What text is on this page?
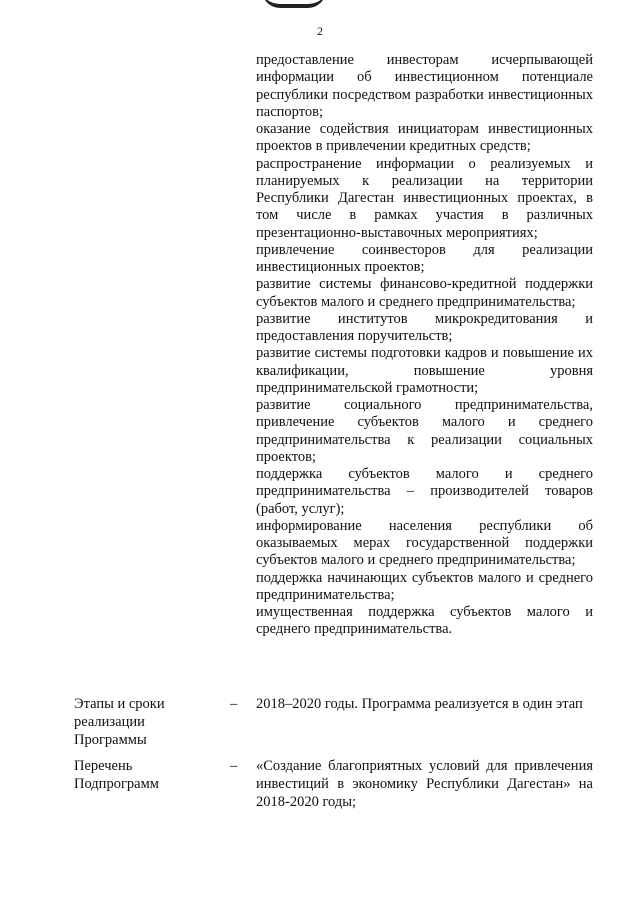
2

предоставление инвесторам исчерпывающей информации об инвестиционном потенциале республики посредством разработки инвестиционных паспортов;

оказание содействия инициаторам инвестиционных проектов в привлечении кредитных средств;

распространение информации о реализуемых и планируемых к реализации на территории Республики Дагестан инвестиционных проектах, в том числе в рамках участия в различных презентационно-выставочных мероприятиях;

привлечение соинвесторов для реализации инвестиционных проектов;

развитие системы финансово-кредитной поддержки субъектов малого и среднего предпринимательства;

развитие институтов микрокредитования и предоставления поручительств;

развитие системы подготовки кадров и повышение их квалификации, повышение уровня предпринимательской грамотности;

развитие социального предпринимательства, привлечение субъектов малого и среднего предпринимательства к реализации социальных проектов;

поддержка субъектов малого и среднего предпринимательства – производителей товаров (работ, услуг);

информирование населения республики об оказываемых мерах государственной поддержки субъектов малого и среднего предпринимательства;

поддержка начинающих субъектов малого и среднего предпринимательства;

имущественная поддержка субъектов малого и среднего предпринимательства.

Этапы и сроки реализации Программы
– 2018–2020 годы. Программа реализуется в один этап
Перечень Подпрограмм
– «Создание благоприятных условий для привлечения инвестиций в экономику Республики Дагестан» на 2018-2020 годы;
